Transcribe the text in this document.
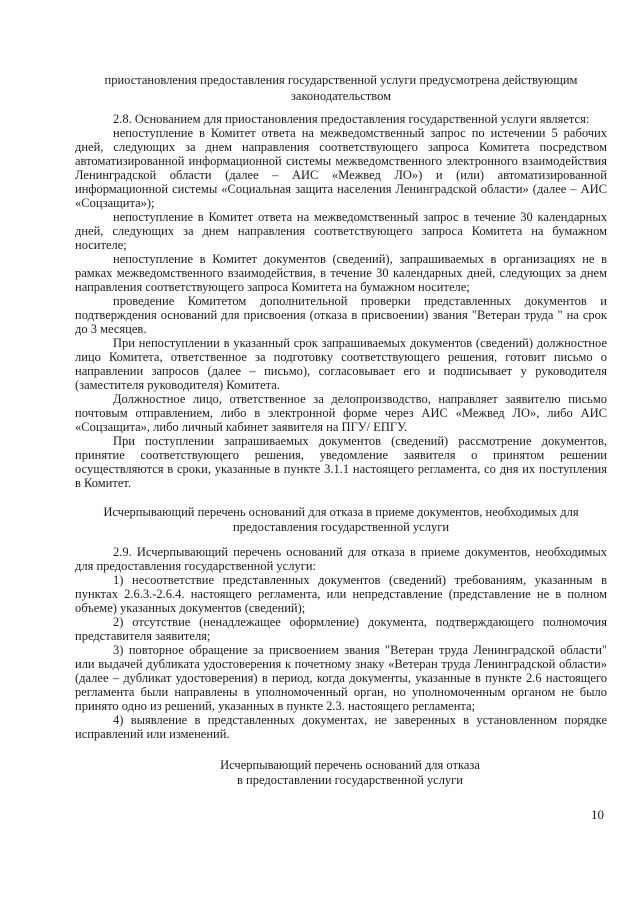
приостановления предоставления государственной услуги предусмотрена действующим
законодательством

2.8. Основанием для приостановления предоставления государственной услуги является:

непоступление в Комитет ответа на межведомственный запрос по истечении 5 рабочих дней, следующих за днем направления соответствующего запроса Комитета посредством автоматизированной информационной системы межведомственного электронного взаимодействия Ленинградской области (далее – АИС «Межвед ЛО») и (или) автоматизированной информационной системы «Социальная защита населения Ленинградской области» (далее – АИС «Соцзащита»);

непоступление в Комитет ответа на межведомственный запрос в течение 30 календарных дней, следующих за днем направления соответствующего запроса Комитета на бумажном носителе;

непоступление в Комитет документов (сведений), запрашиваемых в организациях не в рамках межведомственного взаимодействия, в течение 30 календарных дней, следующих за днем направления соответствующего запроса Комитета на бумажном носителе;

проведение Комитетом дополнительной проверки представленных документов и подтверждения оснований для присвоения (отказа в присвоении) звания "Ветеран труда " на срок до 3 месяцев.

При непоступлении в указанный срок запрашиваемых документов (сведений) должностное лицо Комитета, ответственное за подготовку соответствующего решения, готовит письмо о направлении запросов (далее – письмо), согласовывает его и подписывает у руководителя (заместителя руководителя) Комитета.

Должностное лицо, ответственное за делопроизводство, направляет заявителю письмо почтовым отправлением, либо в электронной форме через АИС «Межвед ЛО», либо АИС «Соцзащита», либо личный кабинет заявителя на ПГУ/ ЕПГУ.

При поступлении запрашиваемых документов (сведений) рассмотрение документов, принятие соответствующего решения, уведомление заявителя о принятом решении осуществляются в сроки, указанные в пункте 3.1.1 настоящего регламента, со дня их поступления в Комитет.

Исчерпывающий перечень оснований для отказа в приеме документов, необходимых для
предоставления государственной услуги

2.9. Исчерпывающий перечень оснований для отказа в приеме документов, необходимых для предоставления государственной услуги:

1) несоответствие представленных документов (сведений) требованиям, указанным в пунктах 2.6.3.-2.6.4. настоящего регламента, или непредставление (представление не в полном объеме) указанных документов (сведений);

2) отсутствие (ненадлежащее оформление) документа, подтверждающего полномочия представителя заявителя;

3) повторное обращение за присвоением звания "Ветеран труда Ленинградской области" или выдачей дубликата удостоверения к почетному знаку «Ветеран труда Ленинградской области» (далее – дубликат удостоверения) в период, когда документы, указанные в пункте 2.6 настоящего регламента были направлены в уполномоченный орган, но уполномоченным органом не было принято одно из решений, указанных в пункте 2.3. настоящего регламента;

4) выявление в представленных документах, не заверенных в установленном порядке исправлений или изменений.

Исчерпывающий перечень оснований для отказа
в предоставлении государственной услуги
10
